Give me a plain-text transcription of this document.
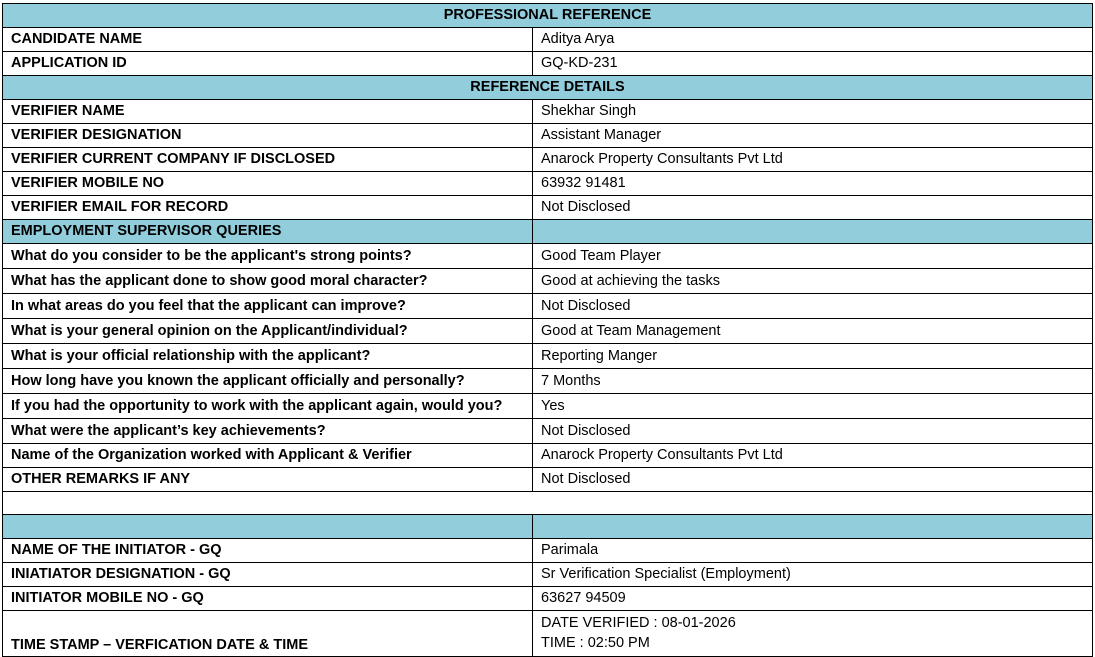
PROFESSIONAL REFERENCE	
CANDIDATE NAME	Aditya Arya
APPLICATION ID	GQ-KD-231
REFERENCE DETAILS	
VERIFIER NAME	Shekhar Singh
VERIFIER DESIGNATION	Assistant Manager
VERIFIER CURRENT COMPANY IF DISCLOSED	Anarock Property Consultants Pvt Ltd
VERIFIER MOBILE NO	63932 91481
VERIFIER EMAIL FOR RECORD	Not Disclosed
EMPLOYMENT SUPERVISOR QUERIES	
What do you consider to be the applicant's strong points?	Good Team Player
What has the applicant done to show good moral character?	Good at achieving the tasks
In what areas do you feel that the applicant can improve?	Not Disclosed
What is your general opinion on the Applicant/individual?	Good at Team Management
What is your official relationship with the applicant?	Reporting Manger
How long have you known the applicant officially and personally?	7 Months
If you had the opportunity to work with the applicant again, would you?	Yes
What were the applicant’s key achievements?	Not Disclosed
Name of the Organization worked with Applicant & Verifier	Anarock Property Consultants Pvt Ltd
OTHER REMARKS IF ANY	Not Disclosed

NAME OF THE INITIATOR - GQ	Parimala
INIATIATOR DESIGNATION - GQ	Sr Verification Specialist (Employment)
INITIATOR MOBILE NO - GQ	63627 94509
TIME STAMP – VERFICATION DATE & TIME	DATE VERIFIED : 08-01-2026
TIME : 02:50 PM
